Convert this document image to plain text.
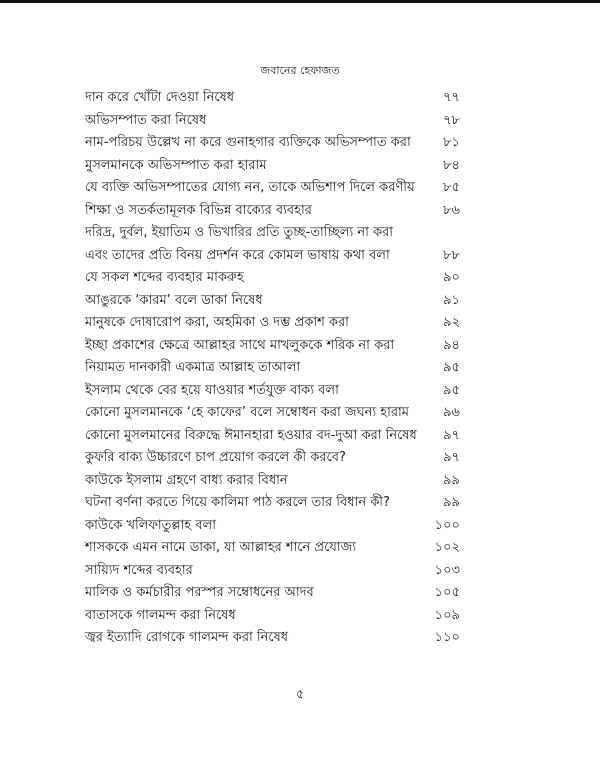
জবানের হেফাজত
দান করে খোঁটা দেওয়া নিষেধ	৭৭
অভিসম্পাত করা নিষেধ	৭৮
নাম-পরিচয় উল্লেখ না করে গুনাহগার ব্যক্তিকে অভিসম্পাত করা ৮১
মুসলমানকে অভিসম্পাত করা হারাম	৮৪
যে ব্যক্তি অভিসম্পাতের যোগ্য নন, তাকে অভিশাপ দিলে করণীয় ৮৫
শিক্ষা ও সতর্কতামূলক বিভিন্ন বাক্যের ব্যবহার	৮৬
দরিদ্র, দুর্বল, ইয়াতিম ও ভিখারির প্রতি তুচ্ছ-তাচ্ছিল্য না করা
এবং তাদের প্রতি বিনয় প্রদর্শন করে কোমল ভাষায় কথা বলা	৮৮
যে সকল শব্দের ব্যবহার মাকরুহ	৯০
আঙুরকে ‘কারম’ বলে ডাকা নিষেধ	৯১
মানুষকে দোষারোপ করা, অহমিকা ও দম্ভ প্রকাশ করা	৯২
ইচ্ছা প্রকাশের ক্ষেত্রে আল্লাহর সাথে মাখলুককে শরিক না করা	৯৪
নিয়ামত দানকারী একমাত্র আল্লাহ তাআলা	৯৫
ইসলাম থেকে বের হয়ে যাওয়ার শর্তযুক্ত বাক্য বলা	৯৫
কোনো মুসলমানকে ‘হে কাফের’ বলে সম্বোধন করা জঘন্য হারাম	৯৬
কোনো মুসলমানের বিরুদ্ধে ঈমানহারা হওয়ার বদ-দুআ করা নিষেধ ৯৭
কুফরি বাক্য উচ্চারণে চাপ প্রয়োগ করলে কী করবে?	৯৭
কাউকে ইসলাম গ্রহণে বাধ্য করার বিধান	৯৯
ঘটনা বর্ণনা করতে গিয়ে কালিমা পাঠ করলে তার বিধান কী?	৯৯
কাউকে খলিফাতুল্লাহ বলা	১০০
শাসককে এমন নামে ডাকা, যা আল্লাহর শানে প্রযোজ্য	১০২
সায়্যিদ শব্দের ব্যবহার	১০৩
মালিক ও কর্মচারীর পরস্পর সম্বোধনের আদব	১০৫
বাতাসকে গালমন্দ করা নিষেধ	১০৯
জ্বর ইত্যাদি রোগকে গালমন্দ করা নিষেধ	১১০
৫
